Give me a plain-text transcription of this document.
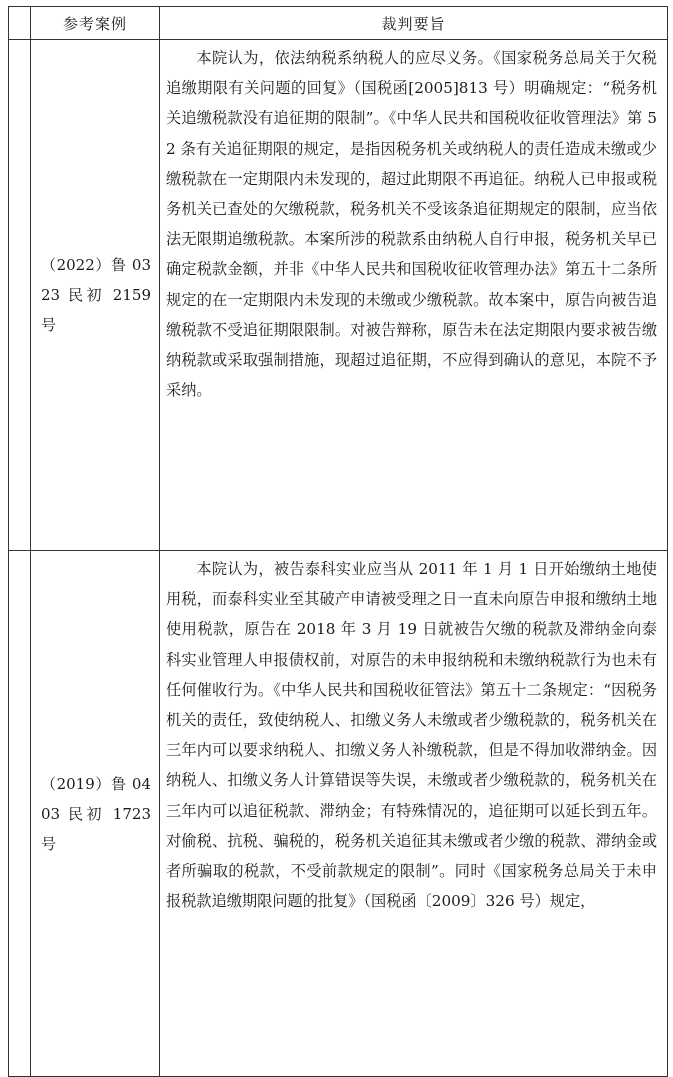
	参考案例	裁判要旨

	（2022）鲁 0323 民初 2159 号	本院认为，依法纳税系纳税人的应尽义务。《国家税务总局关于欠税追缴期限有关问题的回复》（国税函[2005]813 号）明确规定：“税务机关追缴税款没有追征期的限制”。《中华人民共和国税收征收管理法》第 52 条有关追征期限的规定，是指因税务机关或纳税人的责任造成未缴或少缴税款在一定期限内未发现的，超过此期限不再追征。纳税人已申报或税务机关已查处的欠缴税款，税务机关不受该条追征期规定的限制，应当依法无限期追缴税款。本案所涉的税款系由纳税人自行申报，税务机关早已确定税款金额，并非《中华人民共和国税收征收管理办法》第五十二条所规定的在一定期限内未发现的未缴或少缴税款。故本案中，原告向被告追缴税款不受追征期限限制。对被告辩称，原告未在法定期限内要求被告缴纳税款或采取强制措施，现超过追征期，不应得到确认的意见，本院不予采纳。

	（2019）鲁 0403 民初 1723 号	本院认为，被告泰科实业应当从 2011 年 1 月 1 日开始缴纳土地使用税，而泰科实业至其破产申请被受理之日一直未向原告申报和缴纳土地使用税款，原告在 2018 年 3 月 19 日就被告欠缴的税款及滞纳金向泰科实业管理人申报债权前，对原告的未申报纳税和未缴纳税款行为也未有任何催收行为。《中华人民共和国税收征管法》第五十二条规定：“因税务机关的责任，致使纳税人、扣缴义务人未缴或者少缴税款的，税务机关在三年内可以要求纳税人、扣缴义务人补缴税款，但是不得加收滞纳金。因纳税人、扣缴义务人计算错误等失误，未缴或者少缴税款的，税务机关在三年内可以追征税款、滞纳金；有特殊情况的，追征期可以延长到五年。对偷税、抗税、骗税的，税务机关追征其未缴或者少缴的税款、滞纳金或者所骗取的税款，不受前款规定的限制”。同时《国家税务总局关于未申报税款追缴期限问题的批复》（国税函〔2009〕326 号）规定，
